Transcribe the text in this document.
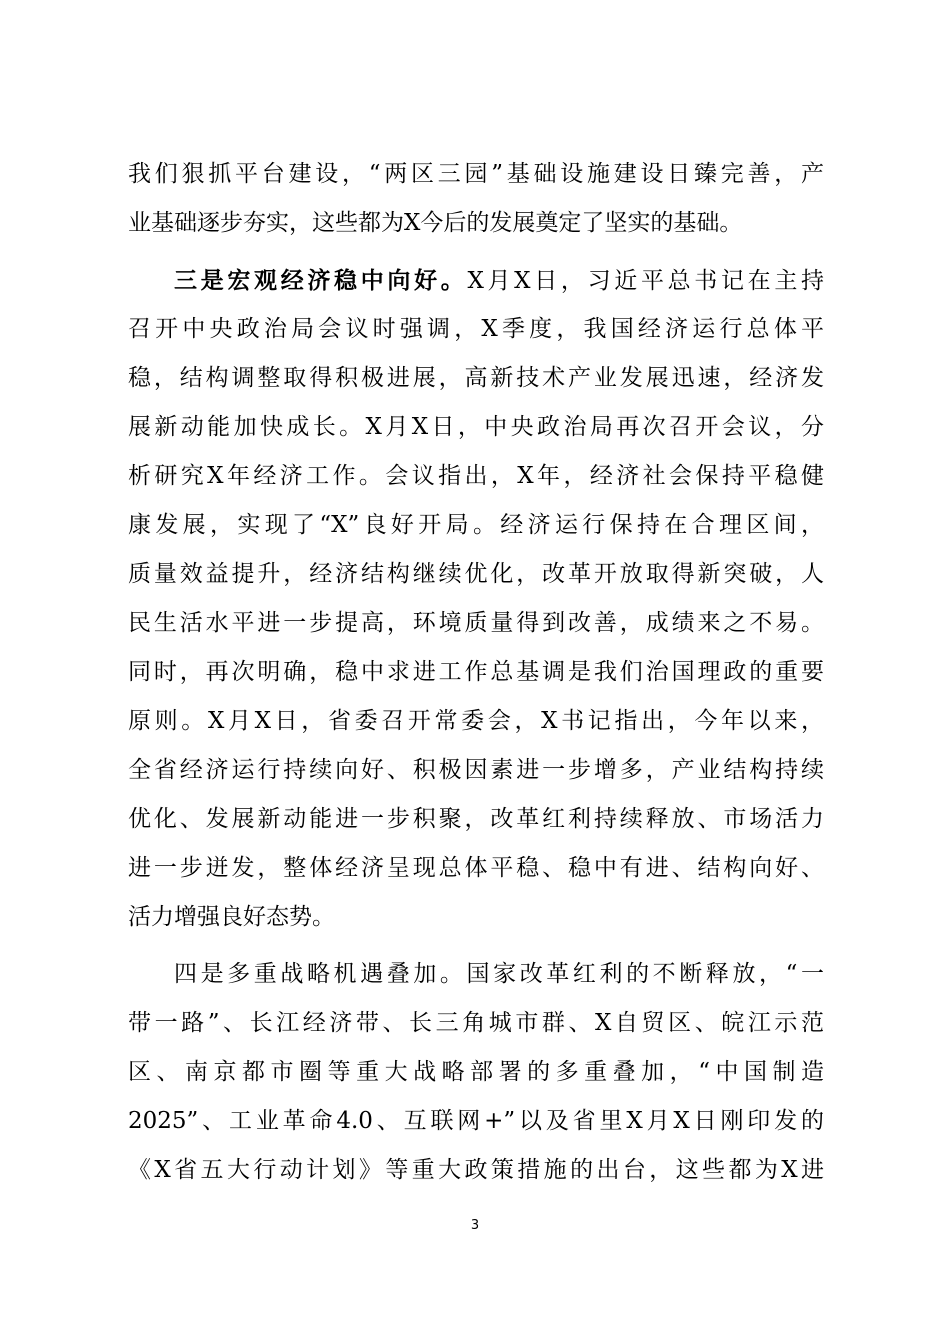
我们狠抓平台建设，“两区三园”基础设施建设日臻完善，产
业基础逐步夯实，这些都为X今后的发展奠定了坚实的基础。
三是宏观经济稳中向好。X月X日，习近平总书记在主持
召开中央政治局会议时强调，X季度，我国经济运行总体平
稳，结构调整取得积极进展，高新技术产业发展迅速，经济发
展新动能加快成长。X月X日，中央政治局再次召开会议，分
析研究X年经济工作。会议指出，X年，经济社会保持平稳健
康发展，实现了“X”良好开局。经济运行保持在合理区间，
质量效益提升，经济结构继续优化，改革开放取得新突破，人
民生活水平进一步提高，环境质量得到改善，成绩来之不易。
同时，再次明确，稳中求进工作总基调是我们治国理政的重要
原则。X月X日，省委召开常委会，X书记指出，今年以来，
全省经济运行持续向好、积极因素进一步增多，产业结构持续
优化、发展新动能进一步积聚，改革红利持续释放、市场活力
进一步迸发，整体经济呈现总体平稳、稳中有进、结构向好、
活力增强良好态势。
四是多重战略机遇叠加。国家改革红利的不断释放，“一
带一路”、长江经济带、长三角城市群、X自贸区、皖江示范
区、南京都市圈等重大战略部署的多重叠加，“中国制造
2025”、工业革命4.0、互联网+”以及省里X月X日刚印发的
《X省五大行动计划》等重大政策措施的出台，这些都为X进
3
